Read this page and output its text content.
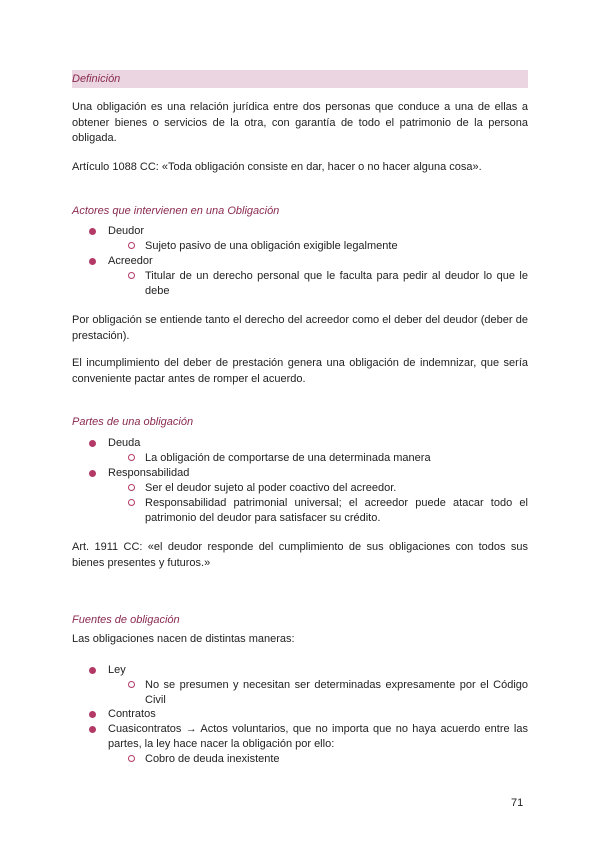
Definición
Una obligación es una relación jurídica entre dos personas que conduce a una de ellas a obtener bienes o servicios de la otra, con garantía de todo el patrimonio de la persona obligada.
Artículo 1088 CC: «Toda obligación consiste en dar, hacer o no hacer alguna cosa».
Actores que intervienen en una Obligación
Deudor
Sujeto pasivo de una obligación exigible legalmente
Acreedor
Titular de un derecho personal que le faculta para pedir al deudor lo que le debe
Por obligación se entiende tanto el derecho del acreedor como el deber del deudor (deber de prestación).
El incumplimiento del deber de prestación genera una obligación de indemnizar, que sería conveniente pactar antes de romper el acuerdo.
Partes de una obligación
Deuda
La obligación de comportarse de una determinada manera
Responsabilidad
Ser el deudor sujeto al poder coactivo del acreedor.
Responsabilidad patrimonial universal; el acreedor puede atacar todo el patrimonio del deudor para satisfacer su crédito.
Art. 1911 CC: «el deudor responde del cumplimiento de sus obligaciones con todos sus bienes presentes y futuros.»
Fuentes de obligación
Las obligaciones nacen de distintas maneras:
Ley
No se presumen y necesitan ser determinadas expresamente por el Código Civil
Contratos
Cuasicontratos → Actos voluntarios, que no importa que no haya acuerdo entre las partes, la ley hace nacer la obligación por ello:
Cobro de deuda inexistente
71
